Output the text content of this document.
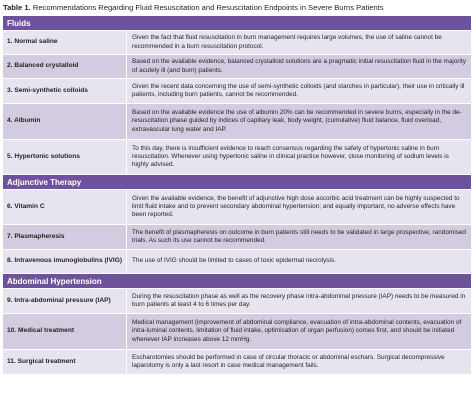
Table 1. Recommendations Regarding Fluid Resuscitation and Resuscitation Endpoints in Severe Burns Patients
Fluids	
1. Normal saline	Given the fact that fluid resuscitation in burn management requires large volumes, the use of saline cannot be recommended in a burn resuscitation protocol.
2. Balanced crystalloid	Based on the available evidence, balanced crystalloid solutions are a pragmatic initial resuscitation fluid in the majority of acutely ill (and burn) patients.
3. Semi-synthetic colloids	Given the recent data concerning the use of semi-synthetic colloids (and starches in particular), their use in critically ill patients, including burn patients, cannot be recommended.
4. Albumin	Based on the available evidence the use of albumin 20% can be recommended in severe burns, especially in the de-resuscitation phase guided by indices of capillary leak, body weight, (cumulative) fluid balance, fluid overload, extravascular lung water and IAP.
5. Hypertonic solutions	To this day, there is insufficient evidence to reach consensus regarding the safety of hypertonic saline in burn resuscitation. Whenever using hypertonic saline in clinical practice however, close monitoring of sodium levels is highly advised.
Adjunctive Therapy	
6. Vitamin C	Given the available evidence, the benefit of adjunctive high dose ascorbic acid treatment can be highly suspected to limit fluid intake and to prevent secondary abdominal hypertension; and equally important, no adverse effects have been reported.
7. Plasmapheresis	The benefit of plasmapheresis on outcome in burn patients still needs to be validated in large prospective, randomised trials. As such its use cannot be recommended.
8. Intravenous imunoglobulins (IVIG)	The use of IVIG should be limited to cases of toxic epidermal necrolysis.
Abdominal Hypertension	
9. Intra-abdominal pressure (IAP)	During the resuscitation phase as well as the recovery phase intra-abdominal pressure (IAP) needs to be measured in burn patients at least 4 to 6 times per day.
10. Medical treatment	Medical management (improvement of abdominal compliance, evacuation of intra-abdominal contents, evacuation of intra-luminal contents, limitation of fluid intake, optimisation of organ perfusion) comes first, and should be initiated whenever IAP increases above 12 mmHg.
11. Surgical treatment	Escharotomies should be performed in case of circular thoracic or abdominal eschars. Surgical decompressive laparotomy is only a last resort in case medical management fails.
